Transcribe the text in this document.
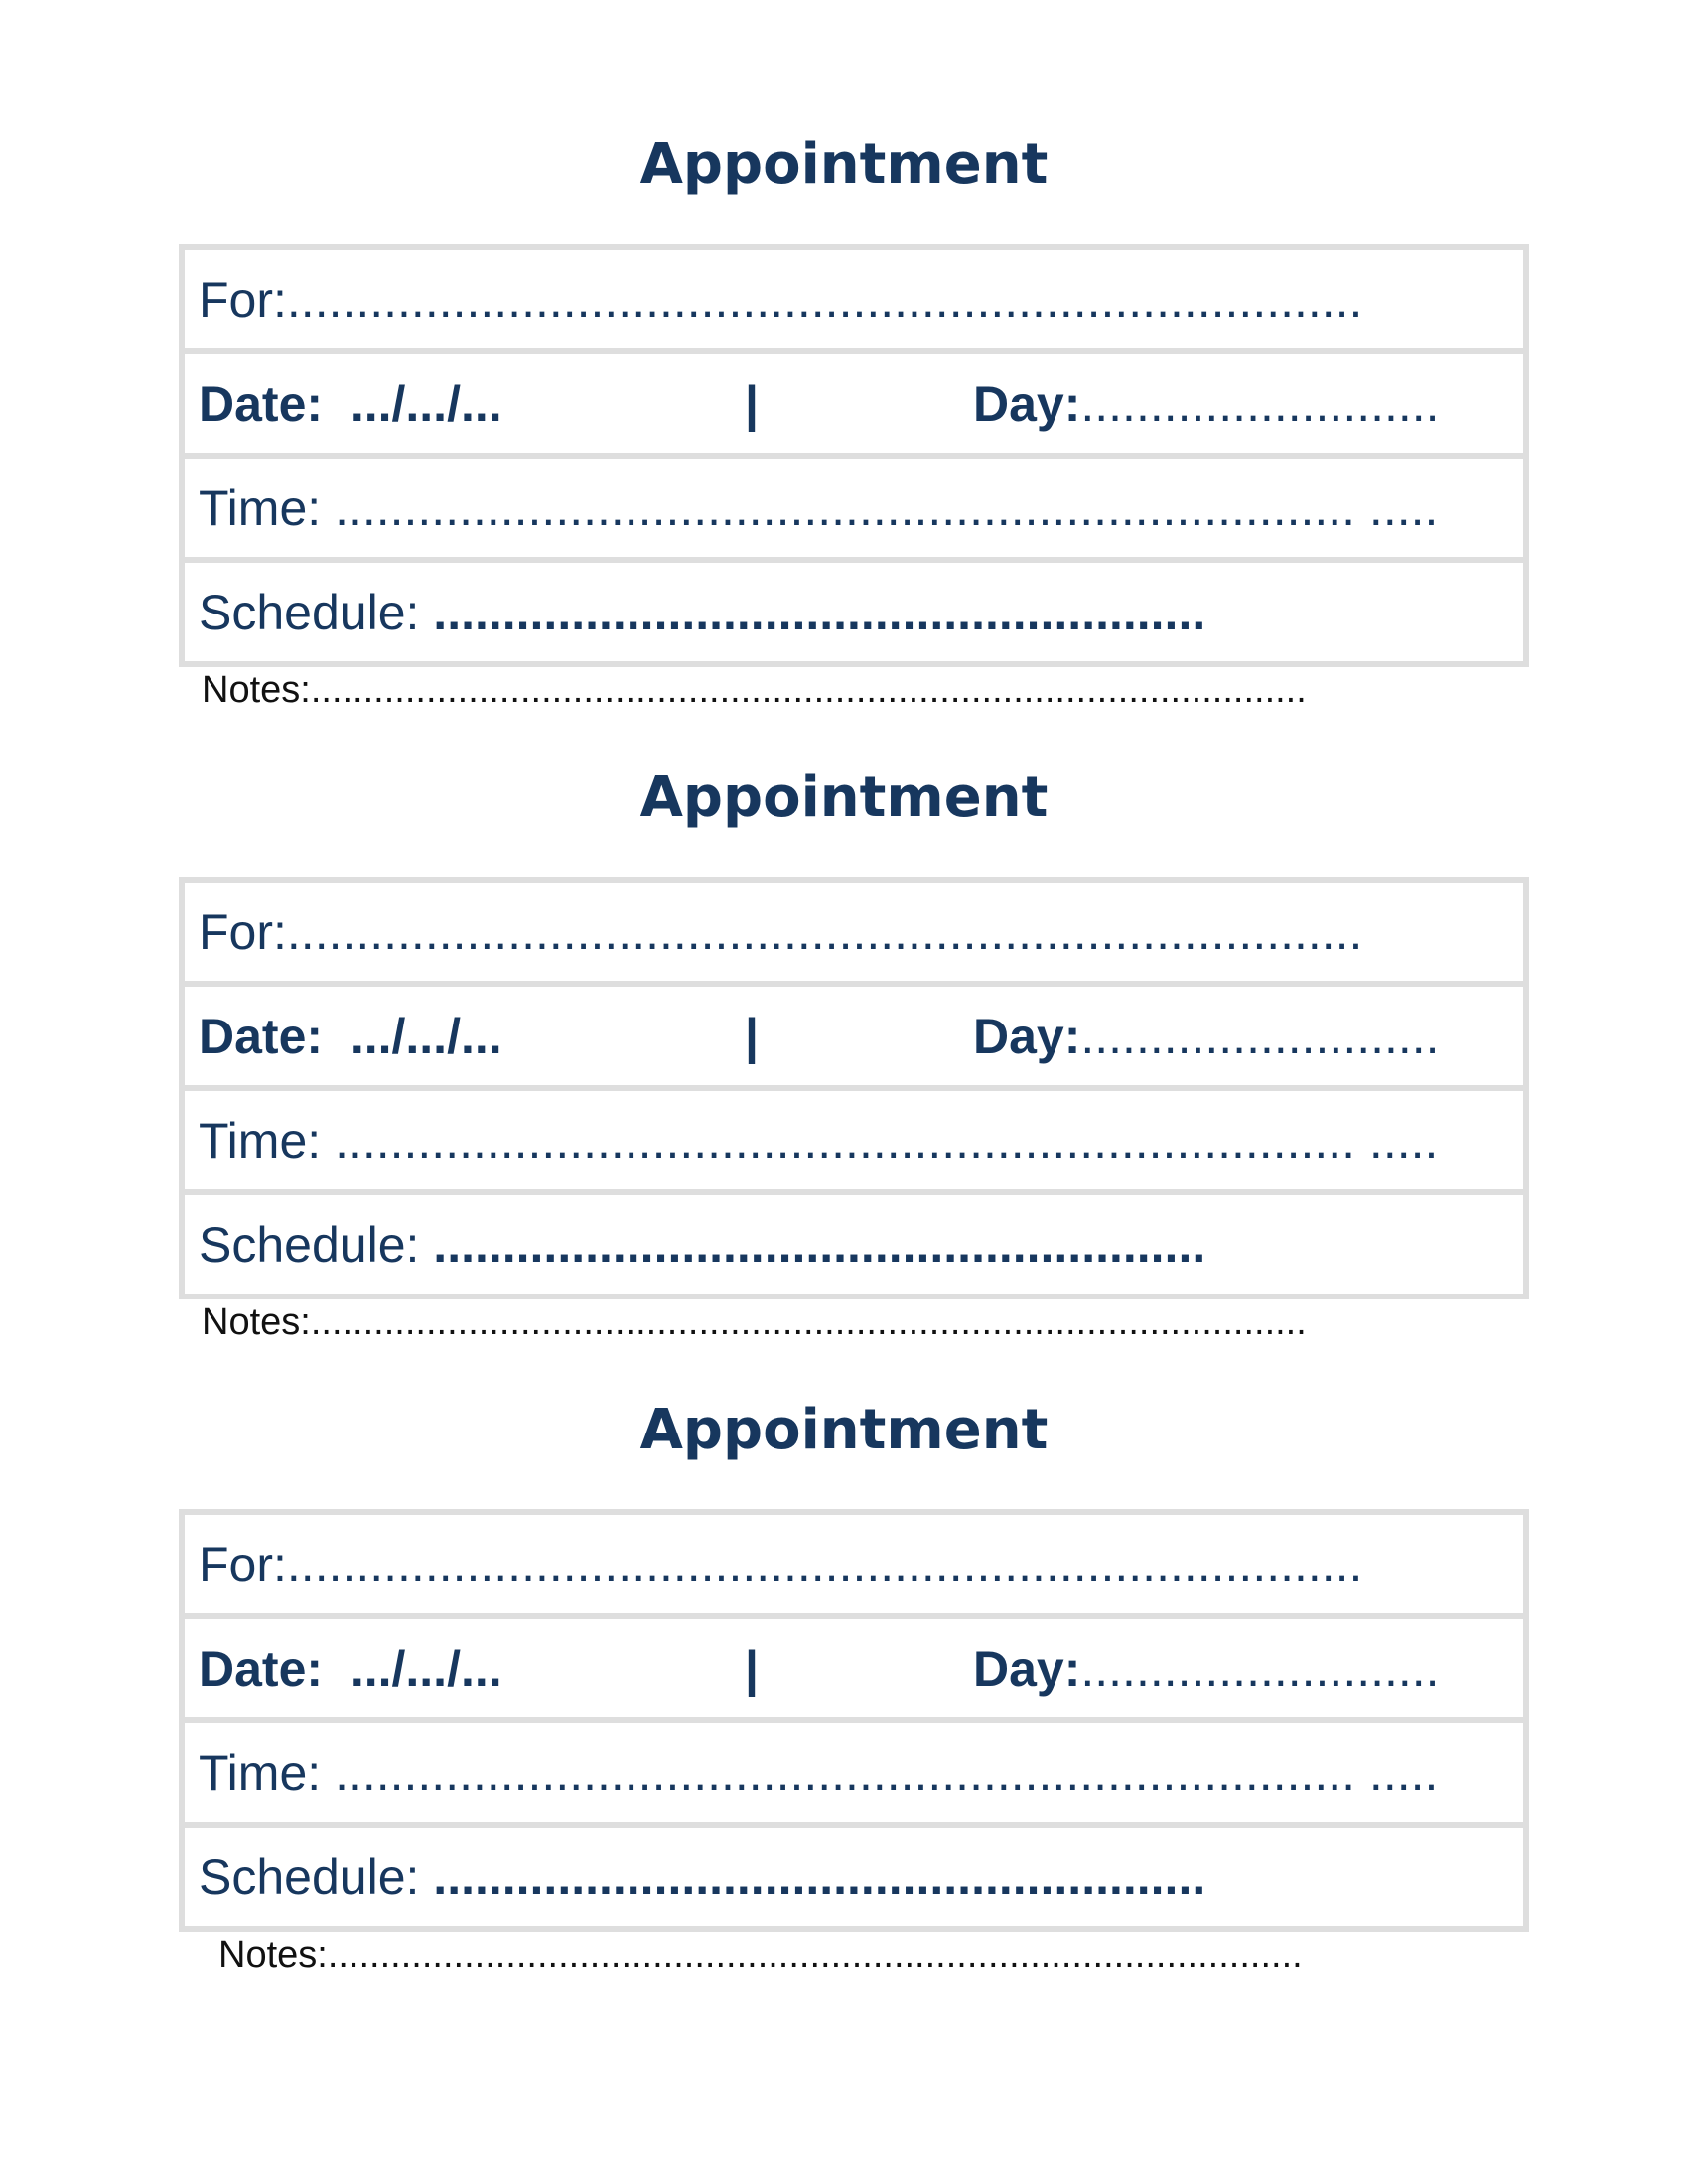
Appointment
For: ..............................................................................
Date: .../.../...	|	Day:..........................
Time:
.......................................................................... .....
Schedule:
........................................................
Notes:...............................................................................................
Appointment
For: ..............................................................................
Date: .../.../...	|	Day:..........................
Time:
.......................................................................... .....
Schedule:
........................................................
Notes:...............................................................................................
Appointment
For: ..............................................................................
Date: .../.../...	|	Day:..........................
Time:
.......................................................................... .....
Schedule:
........................................................
Notes:.............................................................................................
